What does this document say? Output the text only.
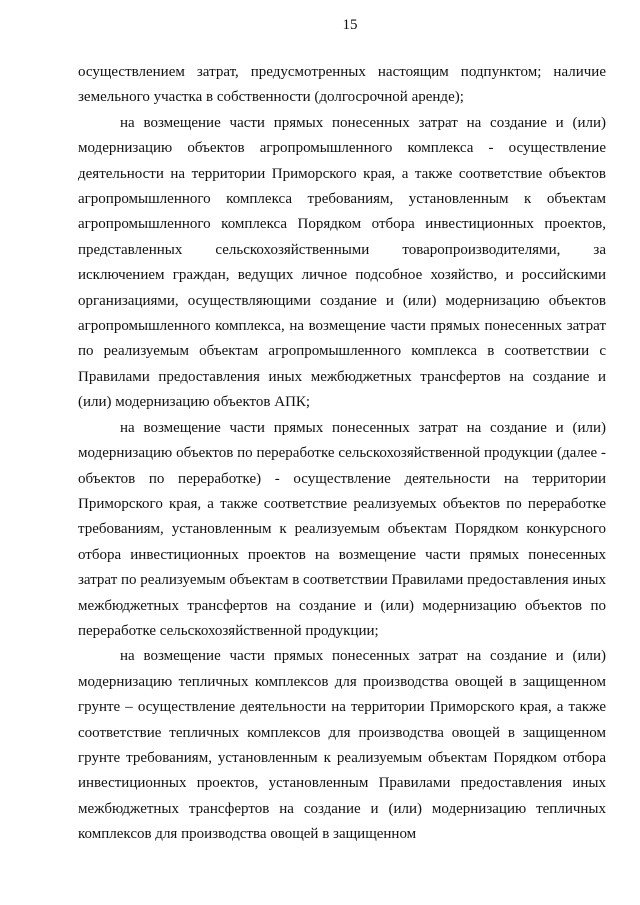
15

осуществлением затрат, предусмотренных настоящим подпунктом; наличие земельного участка в собственности (долгосрочной аренде);

на возмещение части прямых понесенных затрат на создание и (или) модернизацию объектов агропромышленного комплекса - осуществление деятельности на территории Приморского края, а также соответствие объектов агропромышленного комплекса требованиям, установленным к объектам агропромышленного комплекса Порядком отбора инвестиционных проектов, представленных сельскохозяйственными товаропроизводителями, за исключением граждан, ведущих личное подсобное хозяйство, и российскими организациями, осуществляющими создание и (или) модернизацию объектов агропромышленного комплекса, на возмещение части прямых понесенных затрат по реализуемым объектам агропромышленного комплекса в соответствии с Правилами предоставления иных межбюджетных трансфертов на создание и (или) модернизацию объектов АПК;

на возмещение части прямых понесенных затрат на создание и (или) модернизацию объектов по переработке сельскохозяйственной продукции (далее - объектов по переработке) - осуществление деятельности на территории Приморского края, а также соответствие реализуемых объектов по переработке требованиям, установленным к реализуемым объектам Порядком конкурсного отбора инвестиционных проектов на возмещение части прямых понесенных затрат по реализуемым объектам в соответствии Правилами предоставления иных межбюджетных трансфертов на создание и (или) модернизацию объектов по переработке сельскохозяйственной продукции;

на возмещение части прямых понесенных затрат на создание и (или) модернизацию тепличных комплексов для производства овощей в защищенном грунте – осуществление деятельности на территории Приморского края, а также соответствие тепличных комплексов для производства овощей в защищенном грунте требованиям, установленным к реализуемым объектам Порядком отбора инвестиционных проектов, установленным Правилами предоставления иных межбюджетных трансфертов на создание и (или) модернизацию тепличных комплексов для производства овощей в защищенном
